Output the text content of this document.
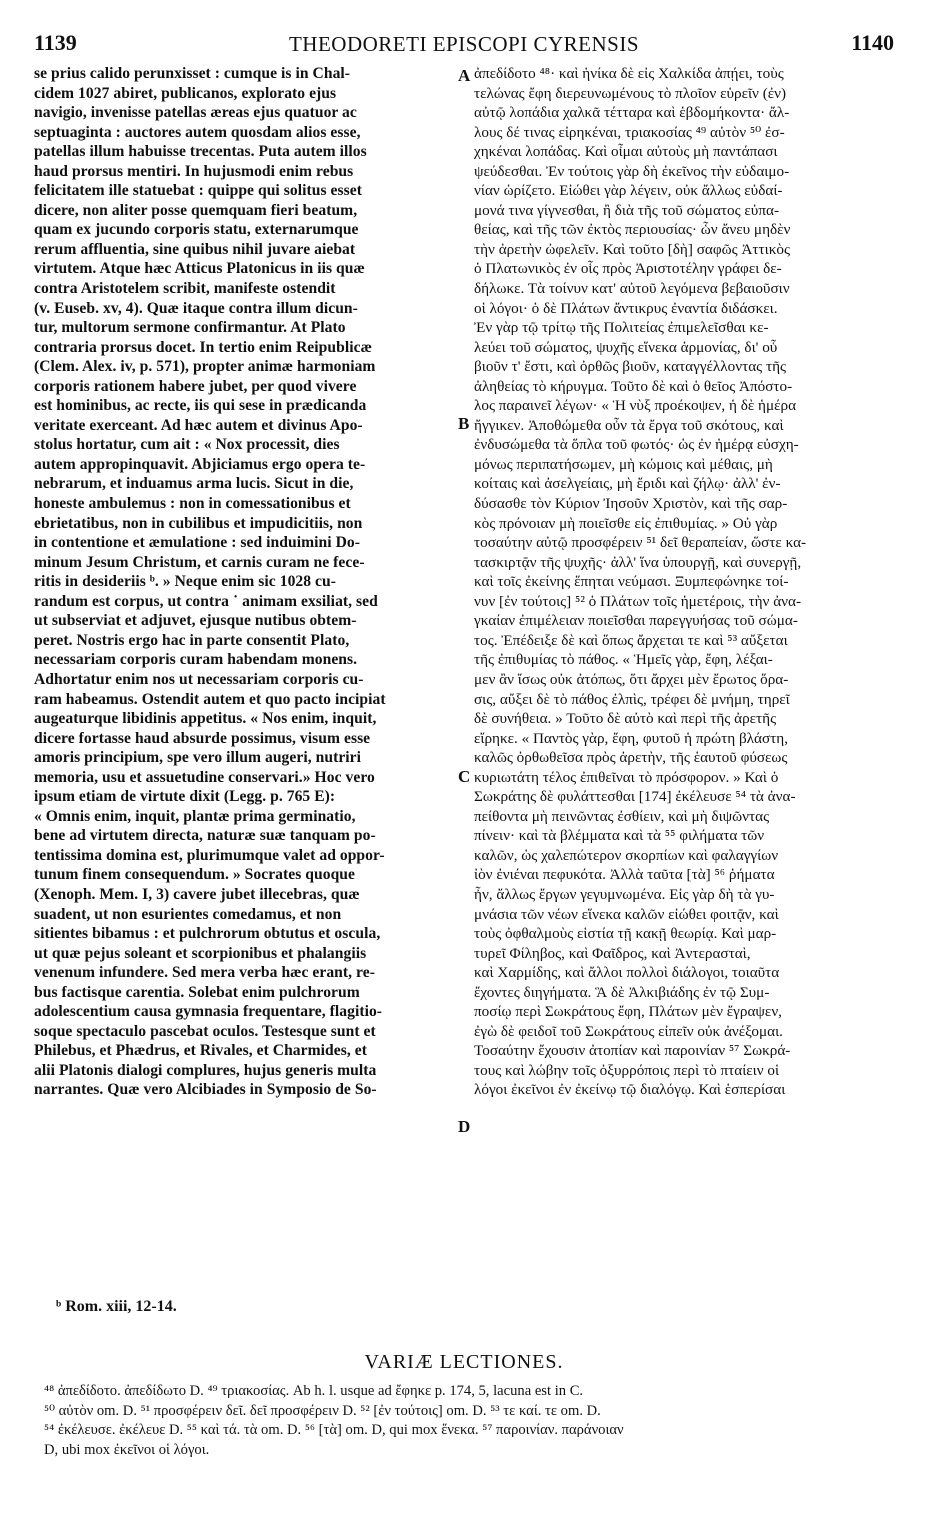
1139	THEODORETI EPISCOPI CYRENSIS	1140
se prius calido perunxisset : cumque is in Chal-
cidem 1027 abiret, publicanos, explorato ejus
navigio, invenisse patellas æreas ejus quatuor ac
septuaginta : auctores autem quosdam alios esse,
patellas illum habuisse trecentas. Puta autem illos
haud prorsus mentiri. In hujusmodi enim rebus
felicitatem ille statuebat : quippe qui solitus esset
dicere, non aliter posse quemquam fieri beatum,
quam ex jucundo corporis statu, externarumque
rerum affluentia, sine quibus nihil juvare aiebat
virtutem. Atque hæc Atticus Platonicus in iis quæ
contra Aristotelem scribit, manifeste ostendit
(v. Euseb. xv, 4). Quæ itaque contra illum dicun-
tur, multorum sermone confirmantur. At Plato
contraria prorsus docet. In tertio enim Reipublicæ
(Clem. Alex. iv, p. 571), propter animæ harmoniam
corporis rationem habere jubet, per quod vivere
est hominibus, ac recte, iis qui sese in prædicanda
veritate exerceant. Ad hæc autem et divinus Apo-
stolus hortatur, cum ait : « Nox processit, dies
autem appropinquavit. Abjiciamus ergo opera te-
nebrarum, et induamus arma lucis. Sicut in die,
honeste ambulemus : non in comessationibus et
ebrietatibus, non in cubilibus et impudicitiis, non
in contentione et æmulatione : sed induimini Do-
minum Jesum Christum, et carnis curam ne fece-
ritis in desideriis ᵇ. » Neque enim sic 1028 cu-
randum est corpus, ut contra ˙ animam exsiliat, sed
ut subserviat et adjuvet, ejusque nutibus obtem-
peret. Nostris ergo hac in parte consentit Plato,
necessariam corporis curam habendam monens.
Adhortatur enim nos ut necessariam corporis cu-
ram habeamus. Ostendit autem et quo pacto incipiat
augeaturque libidinis appetitus. « Nos enim, inquit,
dicere fortasse haud absurde possimus, visum esse
amoris principium, spe vero illum augeri, nutriri
memoria, usu et assuetudine conservari.» Hoc vero
ipsum etiam de virtute dixit (Legg. p. 765 E):
« Omnis enim, inquit, plantæ prima germinatio,
bene ad virtutem directa, naturæ suæ tanquam po-
tentissima domina est, plurimumque valet ad oppor-
tunum finem consequendum. » Socrates quoque
(Xenoph. Mem. I, 3) cavere jubet illecebras, quæ
suadent, ut non esurientes comedamus, et non
sitientes bibamus : et pulchrorum obtutus et oscula,
ut quæ pejus soleant et scorpionibus et phalangiis
venenum infundere. Sed mera verba hæc erant, re-
bus factisque carentia. Solebat enim pulchrorum
adolescentium causa gymnasia frequentare, flagitio-
soque spectaculo pascebat oculos. Testesque sunt et
Philebus, et Phædrus, et Rivales, et Charmides, et
alii Platonis dialogi complures, hujus generis multa
narrantes. Quæ vero Alcibiades in Symposio de So-
A
B
C
D
ἀπεδίδοτο ⁴⁸· καὶ ἡνίκα δὲ εἰς Χαλκίδα ἀπῄει, τοὺς
τελώνας ἔφη διερευνωμένους τὸ πλοῖον εὑρεῖν (ἐν)
αὐτῷ λοπάδια χαλκᾶ τέτταρα καὶ ἑβδομήκοντα· ἄλ-
λους δέ τινας εἰρηκέναι, τριακοσίας ⁴⁹ αὐτὸν ⁵⁰ ἐσ-
χηκέναι λοπάδας. Καὶ οἶμαι αὐτοὺς μὴ παντάπασι
ψεύδεσθαι. Ἐν τούτοις γὰρ δὴ ἐκεῖνος τὴν εὐδαιμο-
νίαν ὡρίζετο. Εἰώθει γὰρ λέγειν, οὐκ ἄλλως εὐδαί-
μονά τινα γίγνεσθαι, ἢ διὰ τῆς τοῦ σώματος εὐπα-
θείας, καὶ τῆς τῶν ἐκτὸς περιουσίας· ὧν ἄνευ μηδὲν
τὴν ἀρετὴν ὠφελεῖν. Καὶ τοῦτο [δὴ] σαφῶς Ἀττικὸς
ὁ Πλατωνικὸς ἐν οἷς πρὸς Ἀριστοτέλην γράφει δε-
δήλωκε. Τὰ τοίνυν κατ' αὐτοῦ λεγόμενα βεβαιοῦσιν
οἱ λόγοι· ὁ δὲ Πλάτων ἄντικρυς ἐναντία διδάσκει.
Ἐν γὰρ τῷ τρίτῳ τῆς Πολιτείας ἐπιμελεῖσθαι κε-
λεύει τοῦ σώματος, ψυχῆς εἵνεκα ἁρμονίας, δι' οὗ
βιοῦν τ' ἔστι, καὶ ὀρθῶς βιοῦν, καταγγέλλοντας τῆς
ἀληθείας τὸ κήρυγμα. Τοῦτο δὲ καὶ ὁ θεῖος Ἀπόστο-
λος παραινεῖ λέγων· « Ἡ νὺξ προέκοψεν, ἡ δὲ ἡμέρα
ἤγγικεν. Ἀποθώμεθα οὖν τὰ ἔργα τοῦ σκότους, καὶ
ἐνδυσώμεθα τὰ ὅπλα τοῦ φωτός· ὡς ἐν ἡμέρᾳ εὐσχη-
μόνως περιπατήσωμεν, μὴ κώμοις καὶ μέθαις, μὴ
κοίταις καὶ ἀσελγείαις, μὴ ἔριδι καὶ ζήλῳ· ἀλλ' ἐν-
δύσασθε τὸν Κύριον Ἰησοῦν Χριστὸν, καὶ τῆς σαρ-
κὸς πρόνοιαν μὴ ποιεῖσθε εἰς ἐπιθυμίας. » Οὐ γὰρ
τοσαύτην αὐτῷ προσφέρειν ⁵¹ δεῖ θεραπείαν, ὥστε κα-
τασκιρτᾷν τῆς ψυχῆς· ἀλλ' ἵνα ὑπουργῇ, καὶ συνεργῇ,
καὶ τοῖς ἐκείνης ἕπηται νεύμασι. Ξυμπεφώνηκε τοί-
νυν [ἐν τούτοις] ⁵² ὁ Πλάτων τοῖς ἡμετέροις, τὴν ἀνα-
γκαίαν ἐπιμέλειαν ποιεῖσθαι παρεγγυήσας τοῦ σώμα-
τος. Ἐπέδειξε δὲ καὶ ὅπως ἄρχεται τε καὶ ⁵³ αὔξεται
τῆς ἐπιθυμίας τὸ πάθος. « Ἡμεῖς γὰρ, ἔφη, λέξαι-
μεν ἂν ἴσως οὐκ ἀτόπως, ὅτι ἄρχει μὲν ἔρωτος ὅρα-
σις, αὔξει δὲ τὸ πάθος ἐλπὶς, τρέφει δὲ μνήμη, τηρεῖ
δὲ συνήθεια. » Τοῦτο δὲ αὐτὸ καὶ περὶ τῆς ἀρετῆς
εἴρηκε. « Παντὸς γὰρ, ἔφη, φυτοῦ ἡ πρώτη βλάστη,
καλῶς ὀρθωθεῖσα πρὸς ἀρετὴν, τῆς ἑαυτοῦ φύσεως
κυριωτάτη τέλος ἐπιθεῖναι τὸ πρόσφορον. » Καὶ ὁ
Σωκράτης δὲ φυλάττεσθαι [174] ἐκέλευσε ⁵⁴ τὰ ἀνα-
πείθοντα μὴ πεινῶντας ἐσθίειν, καὶ μὴ διψῶντας
πίνειν· καὶ τὰ βλέμματα καὶ τὰ ⁵⁵ φιλήματα τῶν
καλῶν, ὡς χαλεπώτερον σκορπίων καὶ φαλαγγίων
ἰὸν ἐνιέναι πεφυκότα. Ἀλλὰ ταῦτα [τὰ] ⁵⁶ ῥήματα
ἦν, ἄλλως ἔργων γεγυμνωμένα. Εἰς γὰρ δὴ τὰ γυ-
μνάσια τῶν νέων εἵνεκα καλῶν εἰώθει φοιτᾷν, καὶ
τοὺς ὀφθαλμοὺς εἱστία τῇ κακῇ θεωρίᾳ. Καὶ μαρ-
τυρεῖ Φίληβος, καὶ Φαῖδρος, καὶ Ἀντερασταὶ,
καὶ Χαρμίδης, καὶ ἄλλοι πολλοὶ διάλογοι, τοιαῦτα
ἔχοντες διηγήματα. Ἃ δὲ Ἀλκιβιάδης ἐν τῷ Συμ-
ποσίῳ περὶ Σωκράτους ἔφη, Πλάτων μὲν ἔγραψεν,
ἐγὼ δὲ φειδοῖ τοῦ Σωκράτους εἰπεῖν οὐκ ἀνέξομαι.
Τοσαύτην ἔχουσιν ἀτοπίαν καὶ παροινίαν ⁵⁷ Σωκρά-
τους καὶ λώβην τοῖς ὀξυρρόποις περὶ τὸ πταίειν οἱ
λόγοι ἐκεῖνοι ἐν ἐκείνῳ τῷ διαλόγῳ. Καὶ ἑσπερίσαι
ᵇ Rom. xiii, 12-14.
VARIÆ LECTIONES.
⁴⁸ ἀπεδίδοτο. ἀπεδίδωτο D. ⁴⁹ τριακοσίας. Ab h. l. usque ad ἔφηκε p. 174, 5, lacuna est in C.
⁵⁰ αὐτὸν om. D. ⁵¹ προσφέρειν δεῖ. δεῖ προσφέρειν D. ⁵² [ἐν τούτοις] om. D. ⁵³ τε καί. τε om. D.
⁵⁴ ἐκέλευσε. ἐκέλευε D. ⁵⁵ καὶ τά. τὰ om. D. ⁵⁶ [τὰ] om. D, qui mox ἕνεκα. ⁵⁷ παροινίαν. παράνοιαν
D, ubi mox ἐκεῖνοι οἱ λόγοι.
